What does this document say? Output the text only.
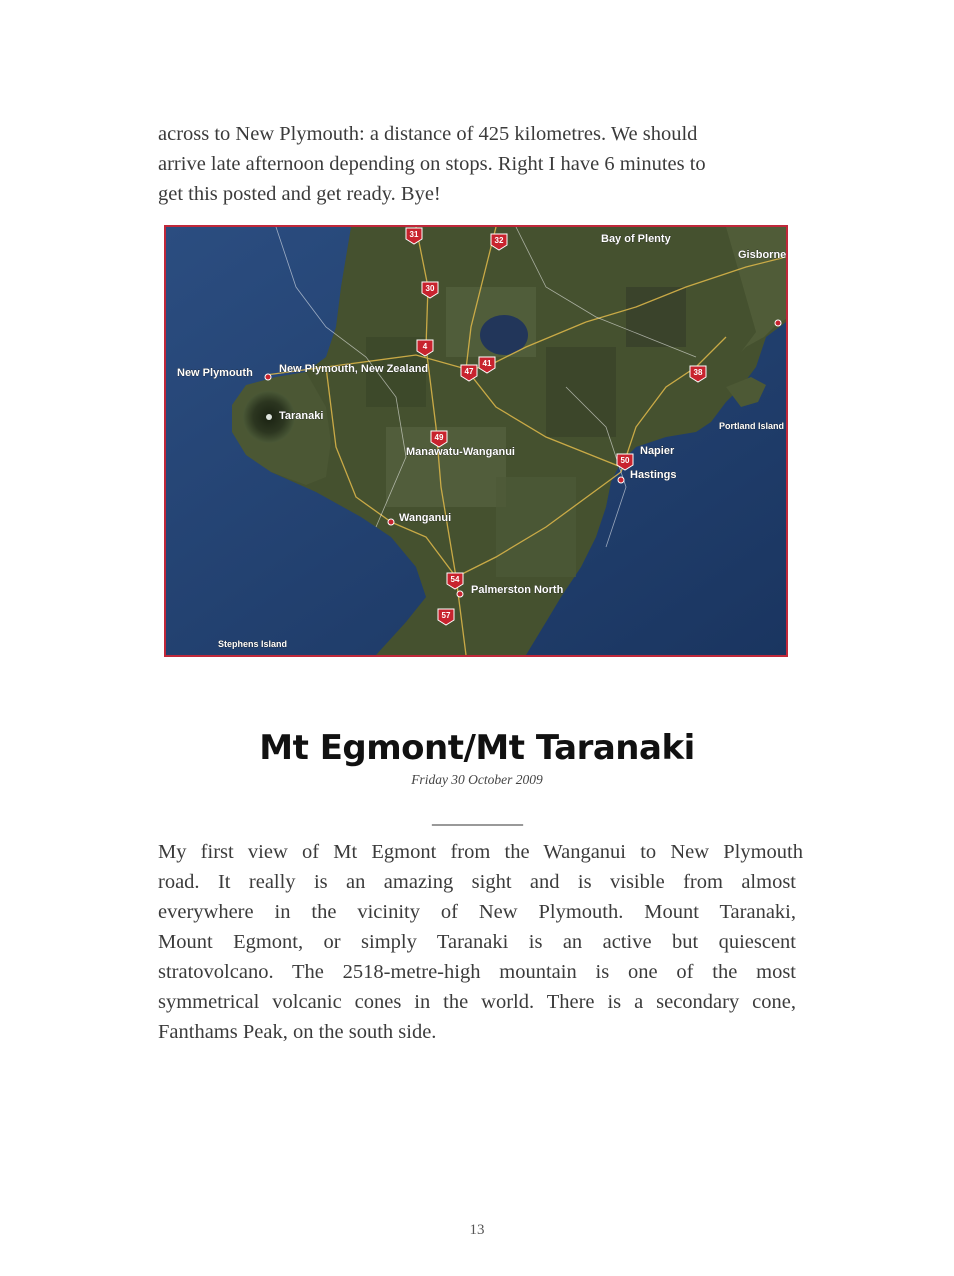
across to New Plymouth: a distance of 425 kilometres. We should
arrive late afternoon depending on stops. Right I have 6 minutes to
get this posted and get ready. Bye!

31
32
30
4
47
41
38
49
50
54
57
Bay of Plenty
Gisborne
New Plymouth New Plymouth, New Zealand
Taranaki
Portland Island
Napier
Hastings
Manawatu-Wanganui
Wanganui
Palmerston North
Stephens Island
Mt Egmont/Mt Taranaki
Friday 30 October 2009
__________

My first view of Mt Egmont from the Wanganui to New Plymouth
road. It really is an amazing sight and is visible from almost
everywhere in the vicinity of New Plymouth. Mount Taranaki,
Mount Egmont, or simply Taranaki is an active but quiescent
stratovolcano. The 2518-metre-high mountain is one of the most
symmetrical volcanic cones in the world. There is a secondary cone,
Fanthams Peak, on the south side.

13
